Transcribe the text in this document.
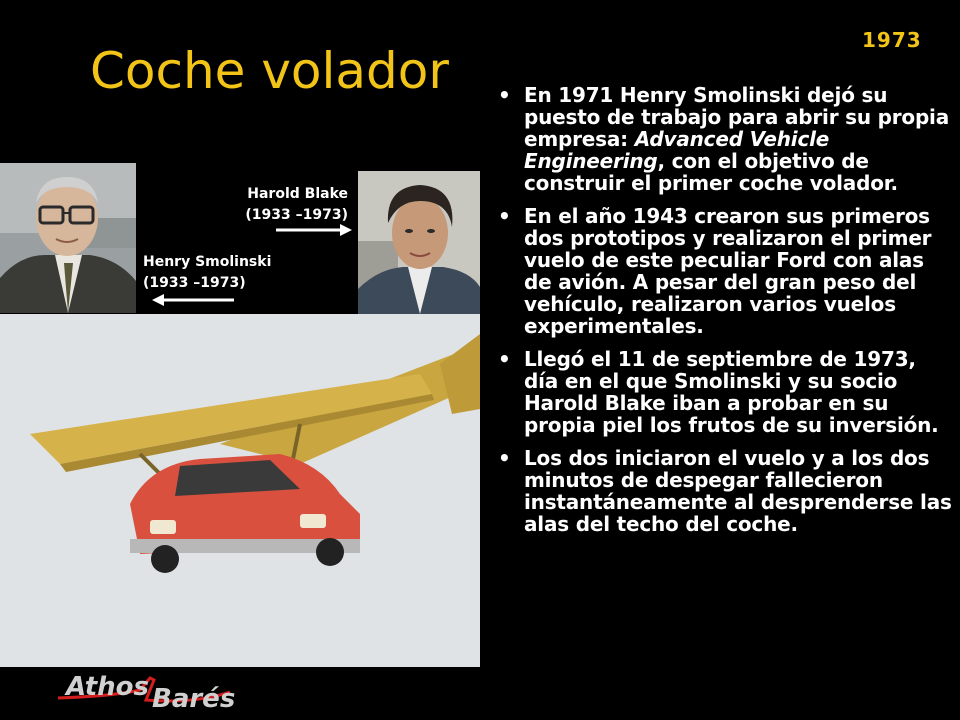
1973
Coche volador
Harold Blake
(1933 –1973)
Henry Smolinski
(1933 –1973)
• En 1971 Henry Smolinski dejó su puesto de trabajo para abrir su propia empresa: Advanced Vehicle Engineering, con el objetivo de construir el primer coche volador.
• En el año 1943 crearon sus primeros dos prototipos y realizaron el primer vuelo de este peculiar Ford con alas de avión. A pesar del gran peso del vehículo, realizaron varios vuelos experimentales.
• Llegó el 11 de septiembre de 1973, día en el que Smolinski y su socio Harold Blake iban a probar en su propia piel los frutos de su inversión.
• Los dos iniciaron el vuelo y a los dos minutos de despegar fallecieron instantáneamente al desprenderse las alas del techo del coche.
Athos Barés
